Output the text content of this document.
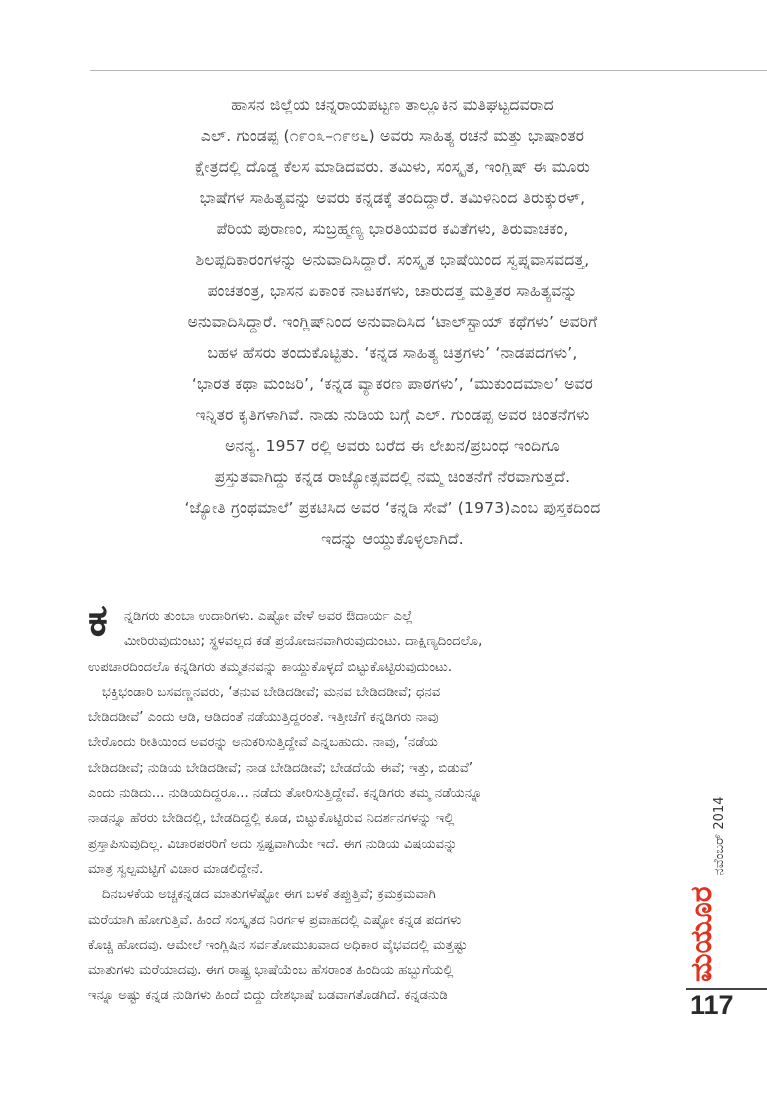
ಹಾಸನ ಜಿಲ್ಲೆಯ ಚನ್ನರಾಯಪಟ್ಟಣ ತಾಲ್ಲೂಕಿನ ಮತಿಘಟ್ಟದವರಾದ

ಎಲ್. ಗುಂಡಪ್ಪ (೧೯೦೩–೧೯೮೬) ಅವರು ಸಾಹಿತ್ಯ ರಚನೆ ಮತ್ತು ಭಾಷಾಂತರ

ಕ್ಷೇತ್ರದಲ್ಲಿ ದೊಡ್ಡ ಕೆಲಸ ಮಾಡಿದವರು. ತಮಿಳು, ಸಂಸ್ಕೃತ, ಇಂಗ್ಲಿಷ್ ಈ ಮೂರು

ಭಾಷೆಗಳ ಸಾಹಿತ್ಯವನ್ನು ಅವರು ಕನ್ನಡಕ್ಕೆ ತಂದಿದ್ದಾರೆ. ತಮಿಳಿನಿಂದ ತಿರುಕ್ಕುರಳ್,

ಪೆರಿಯ ಪುರಾಣಂ, ಸುಬ್ರಹ್ಮಣ್ಯ ಭಾರತಿಯವರ ಕವಿತೆಗಳು, ತಿರುವಾಚಕಂ,

ಶಿಲಪ್ಪದಿಕಾರಂಗಳನ್ನು ಅನುವಾದಿಸಿದ್ದಾರೆ. ಸಂಸ್ಕೃತ ಭಾಷೆಯಿಂದ ಸ್ವಪ್ನವಾಸವದತ್ತ,

ಪಂಚತಂತ್ರ, ಭಾಸನ ಏಕಾಂಕ ನಾಟಕಗಳು, ಚಾರುದತ್ತ ಮತ್ತಿತರ ಸಾಹಿತ್ಯವನ್ನು

ಅನುವಾದಿಸಿದ್ದಾರೆ. ಇಂಗ್ಲಿಷ್‌ನಿಂದ ಅನುವಾದಿಸಿದ ‘ಟಾಲ್‌ಸ್ಟಾಯ್ ಕಥೆಗಳು’ ಅವರಿಗೆ

ಬಹಳ ಹೆಸರು ತಂದುಕೊಟ್ಟಿತು. ‘ಕನ್ನಡ ಸಾಹಿತ್ಯ ಚಿತ್ರಗಳು’ ‘ನಾಡಪದಗಳು’,

‘ಭಾರತ ಕಥಾ ಮಂಜರಿ’, ‘ಕನ್ನಡ ವ್ಯಾಕರಣ ಪಾಠಗಳು’, ‘ಮುಕುಂದಮಾಲ’ ಅವರ

ಇನ್ನಿತರ ಕೃತಿಗಳಾಗಿವೆ. ನಾಡು ನುಡಿಯ ಬಗ್ಗೆ ಎಲ್. ಗುಂಡಪ್ಪ ಅವರ ಚಿಂತನೆಗಳು

ಅನನ್ಯ. 1957 ರಲ್ಲಿ ಅವರು ಬರೆದ ಈ ಲೇಖನ/ಪ್ರಬಂಧ ಇಂದಿಗೂ

ಪ್ರಸ್ತುತವಾಗಿದ್ದು ಕನ್ನಡ ರಾಜ್ಯೋತ್ಸವದಲ್ಲಿ ನಮ್ಮ ಚಿಂತನೆಗೆ ನೆರವಾಗುತ್ತದೆ.

‘ಜ್ಯೋತಿ ಗ್ರಂಥಮಾಲೆ’ ಪ್ರಕಟಿಸಿದ ಅವರ ‘ಕನ್ನಡಿ ಸೇವೆ’ (1973)ಎಂಬ ಪುಸ್ತಕದಿಂದ

ಇದನ್ನು ಆಯ್ದುಕೊಳ್ಳಲಾಗಿದೆ.

ಕ	ನ್ನಡಿಗರು ತುಂಬಾ ಉದಾರಿಗಳು. ಎಷ್ಟೋ ವೇಳೆ ಅವರ ಔದಾರ್ಯ ಎಲ್ಲೆ
ಮೀರಿರುವುದುಂಟು; ಸ್ಥಳವಲ್ಲದ ಕಡೆ ಪ್ರಯೋಜನವಾಗಿರುವುದುಂಟು. ದಾಕ್ಷಿಣ್ಯದಿಂದಲೊ,
ಉಪಚಾರದಿಂದಲೊ ಕನ್ನಡಿಗರು ತಮ್ಮತನವನ್ನು ಕಾಯ್ದುಕೊಳ್ಳದೆ ಬಿಟ್ಟುಕೊಟ್ಟಿರುವುದುಂಟು.
ಭಕ್ತಿಭಂಡಾರಿ ಬಸವಣ್ಣನವರು, ‘ತನುವ ಬೇಡಿದಡೀವೆ; ಮನವ ಬೇಡಿದಡೀವೆ; ಧನವ
ಬೇಡಿದಡೀವೆ’ ಎಂದು ಆಡಿ, ಆಡಿದಂತೆ ನಡೆಯುತ್ತಿದ್ದರಂತೆ. ಇತ್ತೀಚೆಗೆ ಕನ್ನಡಿಗರು ನಾವು
ಬೇರೊಂದು ರೀತಿಯಿಂದ ಅವರನ್ನು ಅನುಕರಿಸುತ್ತಿದ್ದೇವೆ ಎನ್ನಬಹುದು. ನಾವು, ‘ನಡೆಯ
ಬೇಡಿದಡೀವೆ; ನುಡಿಯ ಬೇಡಿದಡೀವೆ; ನಾಡ ಬೇಡಿದಡೀವೆ; ಬೇಡದೆಯೆ ಈವೆ; ಇತ್ತು, ಬಿಡುವೆ’
ಎಂದು ನುಡಿದು... ನುಡಿಯದಿದ್ದರೂ... ನಡೆದು ತೋರಿಸುತ್ತಿದ್ದೇವೆ. ಕನ್ನಡಿಗರು ತಮ್ಮ ನಡೆಯನ್ನೂ
ನಾಡನ್ನೂ ಹೆರರು ಬೇಡಿದಲ್ಲಿ, ಬೇಡದಿದ್ದಲ್ಲಿ ಕೂಡ, ಬಿಟ್ಟುಕೊಟ್ಟಿರುವ ನಿದರ್ಶನಗಳನ್ನು ಇಲ್ಲಿ
ಪ್ರಸ್ತಾಪಿಸುವುದಿಲ್ಲ. ವಿಚಾರಪರರಿಗೆ ಅದು ಸ್ಪಷ್ಟವಾಗಿಯೇ ಇದೆ. ಈಗ ನುಡಿಯ ವಿಷಯವನ್ನು
ಮಾತ್ರ ಸ್ವಲ್ಪಮಟ್ಟಿಗೆ ವಿಚಾರ ಮಾಡಲಿದ್ದೇನೆ.
ದಿನಬಳಕೆಯ ಅಚ್ಚಕನ್ನಡದ ಮಾತುಗಳೆಷ್ಟೋ ಈಗ ಬಳಕೆ ತಪ್ಪುತ್ತಿವೆ; ಕ್ರಮಕ್ರಮವಾಗಿ
ಮರೆಯಾಗಿ ಹೋಗುತ್ತಿವೆ. ಹಿಂದೆ ಸಂಸ್ಕೃತದ ನಿರರ್ಗಳ ಪ್ರವಾಹದಲ್ಲಿ ಎಷ್ಟೋ ಕನ್ನಡ ಪದಗಳು
ಕೊಚ್ಚಿ ಹೋದವು. ಆಮೇಲೆ ಇಂಗ್ಲಿಷಿನ ಸರ್ವತೋಮುಖವಾದ ಅಧಿಕಾರ ವೈಭವದಲ್ಲಿ ಮತ್ತಷ್ಟು
ಮಾತುಗಳು ಮರೆಯಾದವು. ಈಗ ರಾಷ್ಟ್ರ ಭಾಷೆಯೆಂಬ ಹೆಸರಾಂತ ಹಿಂದಿಯ ಹಬ್ಬುಗೆಯಲ್ಲಿ
ಇನ್ನೂ ಅಷ್ಟು ಕನ್ನಡ ನುಡಿಗಳು ಹಿಂದೆ ಬಿದ್ದು ದೇಶಭಾಷೆ ಬಡವಾಗತೊಡಗಿದೆ. ಕನ್ನಡನುಡಿ
ನವೆಂಬರ್ 2014
ಮಯೂರ
117
